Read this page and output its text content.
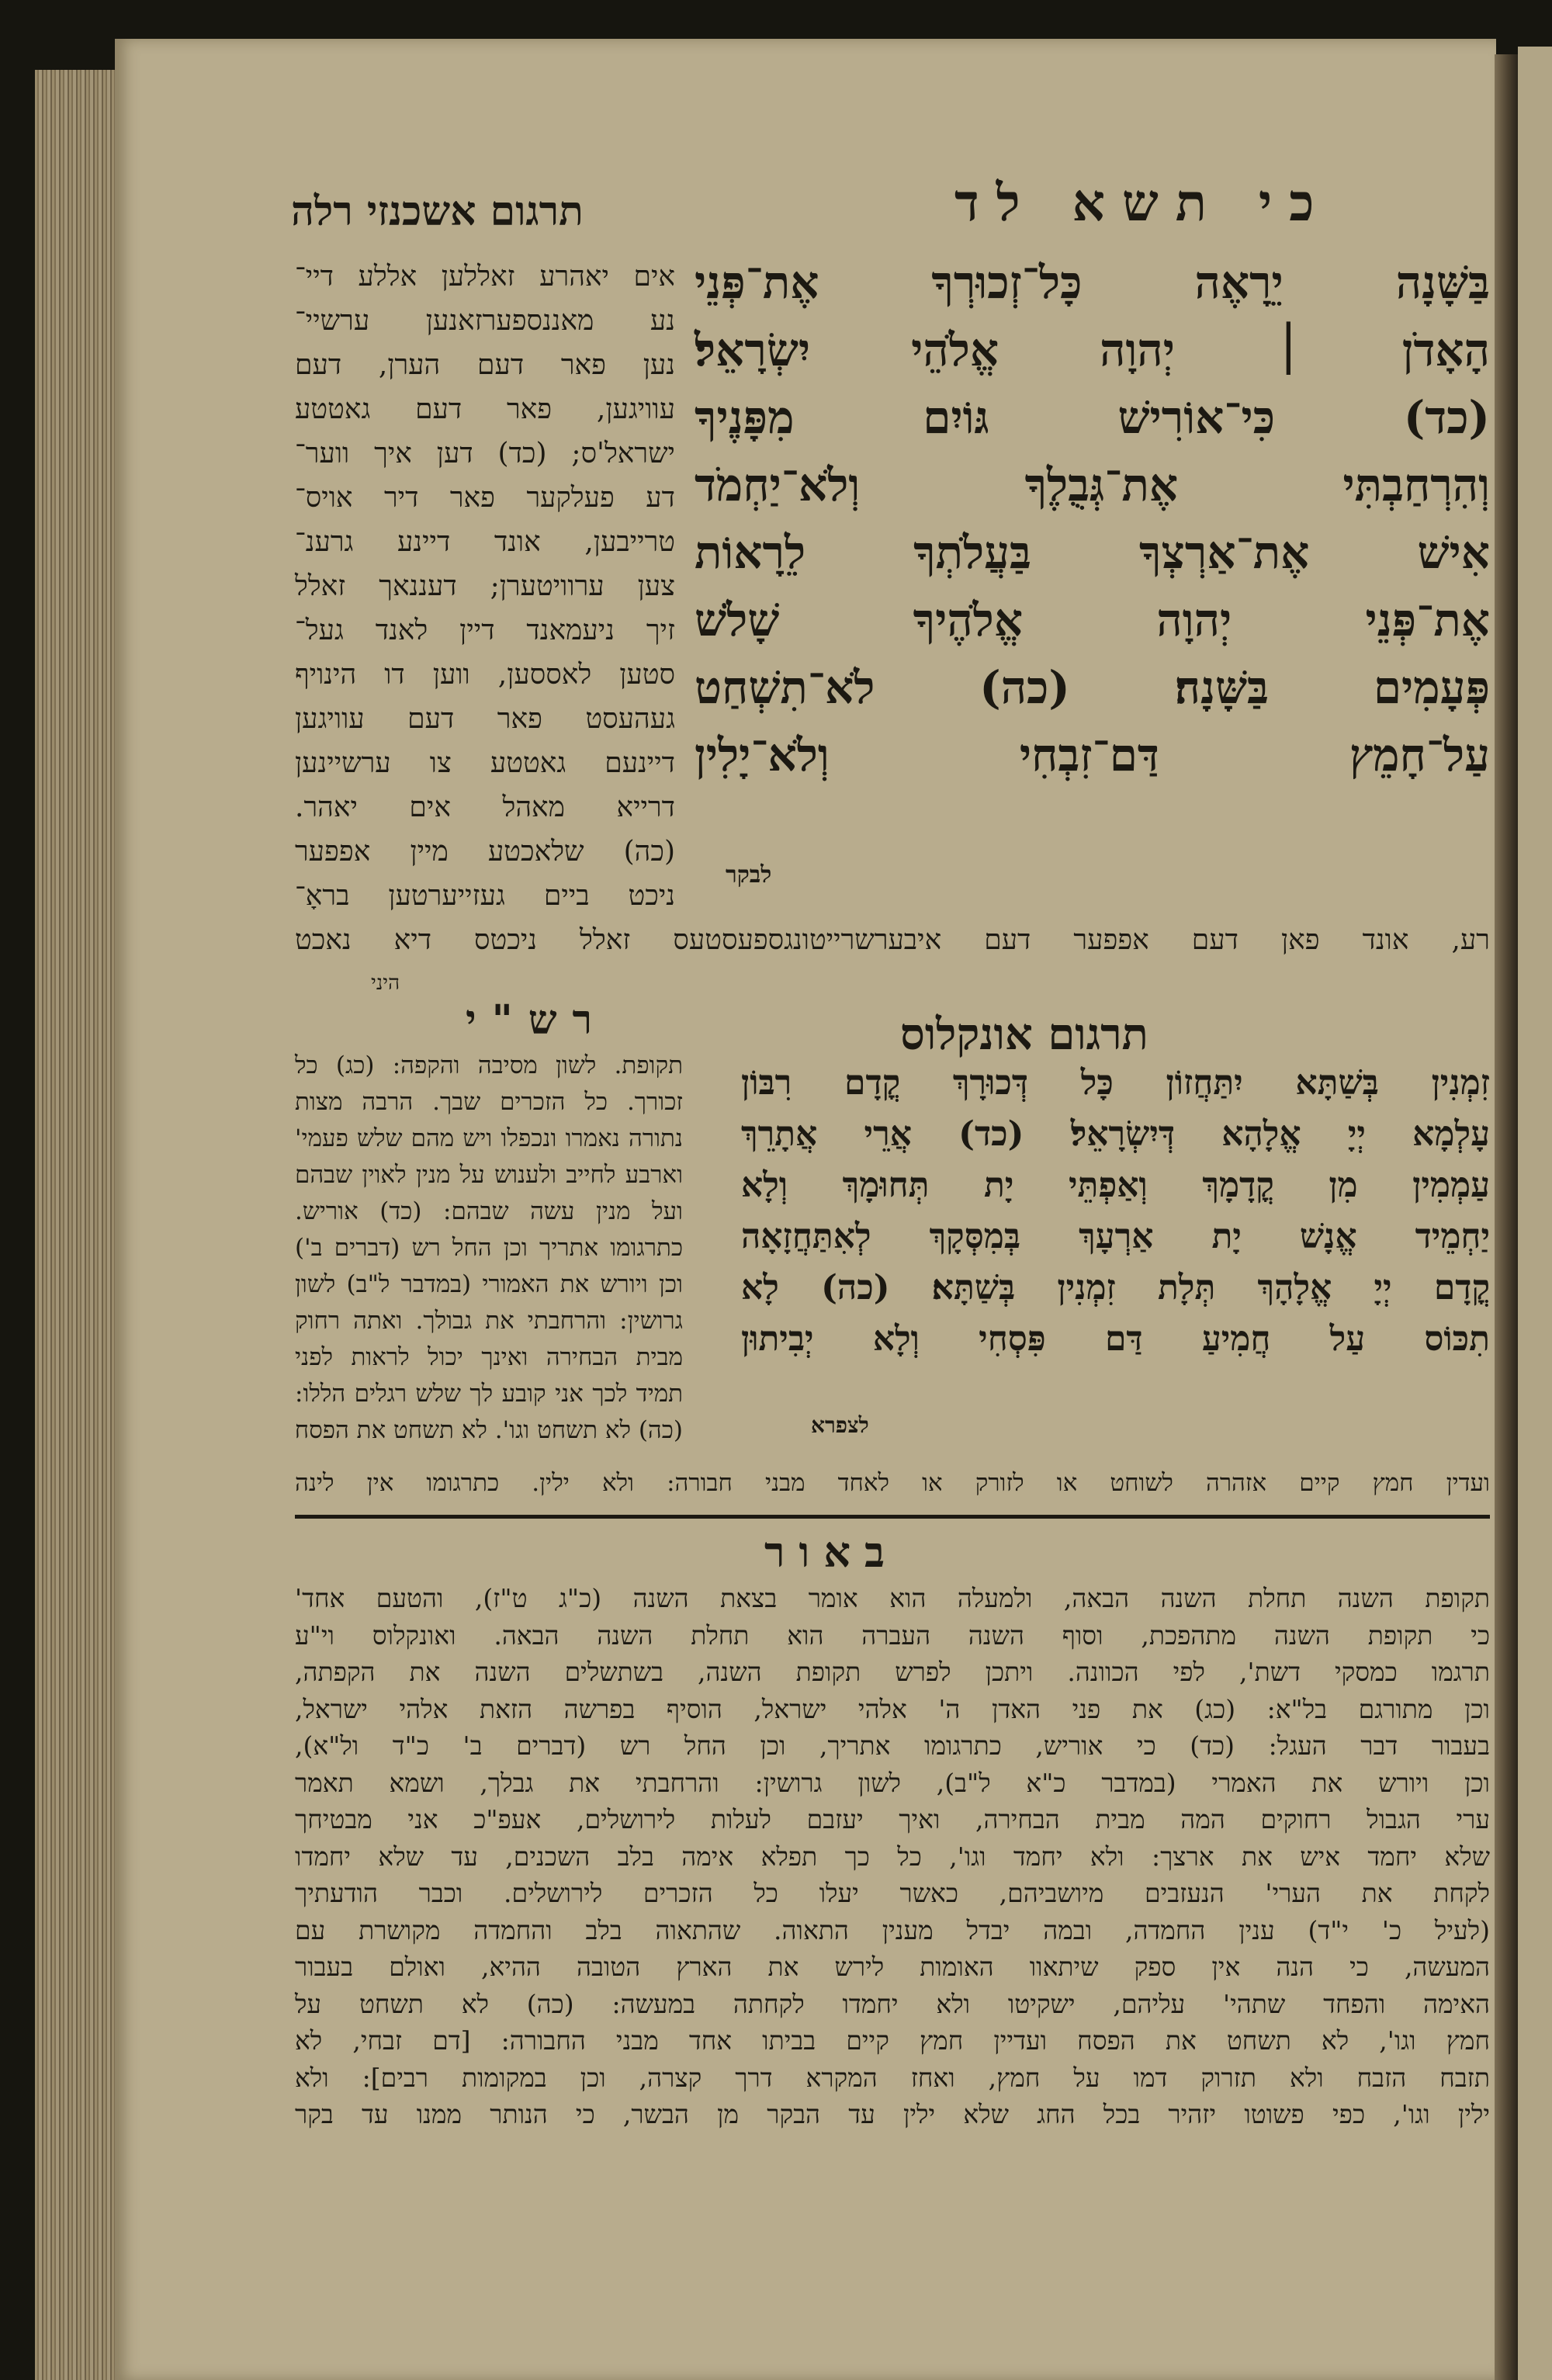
כי תשא לד
תרגום אשכנזי רלה
בַּשָּׁנָה יֵרָאֶה כָּל־זְכוּרְךָ אֶת־פְּנֵי
הָאָדֹן ׀ יְהוָה אֱלֹהֵי יִשְׂרָאֵל׃
(כד) כִּי־אוֹרִישׁ גּוֹיִם מִפָּנֶיךָ
וְהִרְחַבְתִּי אֶת־גְּבֻלֶךָ וְלֹא־יַחְמֹד
אִישׁ אֶת־אַרְצְךָ בַּעֲלֹתְךָ לֵרָאוֹת
אֶת־פְּנֵי יְהוָה אֱלֹהֶיךָ שָׁלֹשׁ
פְּעָמִים בַּשָּׁנָה׃ (כה) לֹא־תִשְׁחַט
עַל־חָמֵץ דַּם־זִבְחִי וְלֹא־יָלִין
לבקר
אים יאהרע זאללען אללע דיי־
נע מאננספערזאנען ערשיי־
נען פאר דעם הערן, דעם
עוויגען, פאר דעם גאטטע
ישראל'ס; (כד) דען איך ווער־
דע פעלקער פאר דיר אויס־
טרייבען, אונד דיינע גרענ־
צען ערוויטערן; דעננאך זאלל
זיך ניעמאנד דיין לאנד געל־
סטען לאססען, ווען דו הינויף
געהעסט פאר דעם עוויגען
דיינעם גאטטע צו ערשיינען
דרייא מאהל אים יאהר.
(כה) שלאכטע מיין אפפער
ניכט ביים געזייערטען בראָ־
רע, אונד פאן דעם אפפער דעם איבערשרייטונגספעסטעס זאלל ניכטס דיא נאכט
היני
רש"י	תרגום אונקלוס
תקופת. לשון מסיבה והקפה: (כג) כל
זכורך. כל הזכרים שבך. הרבה מצות
נתורה נאמרו ונכפלו ויש מהם שלש פעמי'
וארבע לחייב ולענוש על מנין לאוין שבהם
ועל מנין עשה שבהם: (כד) אוריש.
כתרגומו אתריך וכן החל רש (דברים ב')
וכן ויורש את האמורי (במדבר ל"ב) לשון
גרושין: והרחבתי את גבולך. ואתה רחוק
מבית הבחירה ואינך יכול לראות לפני
תמיד לכך אני קובע לך שלש רגלים הללו:
(כה) לא תשחט וגו'. לא תשחט את הפסח
זִמְנִין בְּשַׁתָּא יִתַּחֲזוֹן כָּל דְּכוּרָךְ קֳדָם רִבּוֹן
עָלְמָא יְיָ אֱלָהָא דְּיִשְׂרָאֵל׃ (כד) אֲרֵי אֲתָרֵךְ
עַמְמִין מִן קֳדָמָךְ וְאַפְתֵּי יָת תְּחוּמָךְ וְלָא
יַחְמֵיד אֱנָשׁ יָת אַרְעָךְ בְּמִסְּקָךְ לְאִתַּחֲזָאָה
קֳדָם יְיָ אֱלָהָךְ תְּלָת זִמְנִין בְּשַׁתָּא׃ (כה) לָא
תִכּוֹס עַל חֲמִיעַ דַּם פִּסְחִי וְלָא יְבִיתוּן
לצפרא
ועדין חמץ קיים אזהרה לשוחט או לזורק או לאחד מבני חבורה: ולא ילין. כתרגומו אין לינה
באור
תקופת השנה תחלת השנה הבאה, ולמעלה הוא אומר בצאת השנה (כ"ג ט"ז), והטעם אחד'
כי תקופת השנה מתהפכת, וסוף השנה העברה הוא תחלת השנה הבאה. ואונקלוס וי"ע
תרגמו כמסקי דשת', לפי הכוונה. ויתכן לפרש תקופת השנה, בשתשלים השנה את הקפתה,
וכן מתורגם בל"א: (כג) את פני האדן ה' אלהי ישראל, הוסיף בפרשה הזאת אלהי ישראל,
בעבור דבר העגל: (כד) כי אוריש, כתרגומו אתריך, וכן החל רש (דברים ב' כ"ד ול"א),
וכן ויורש את האמרי (במדבר כ"א ל"ב), לשון גרושין: והרחבתי את גבלך, ושמא תאמר
ערי הגבול רחוקים המה מבית הבחירה, ואיך יעזבם לעלות לירושלים, אעפ"כ אני מבטיחך
שלא יחמד איש את ארצך: ולא יחמד וגו', כל כך תפלא אימה בלב השכנים, עד שלא יחמדו
לקחת את הערי' הנעזבים מיושביהם, כאשר יעלו כל הזכרים לירושלים. וכבר הודעתיך
(לעיל כ' י"ד) ענין החמדה, ובמה יבדל מענין התאוה. שהתאוה בלב והחמדה מקושרת עם
המעשה, כי הנה אין ספק שיתאוו האומות לירש את הארץ הטובה ההיא, ואולם בעבור
האימה והפחד שתהי' עליהם, ישקיטו ולא יחמדו לקחתה במעשה: (כה) לא תשחט על
חמץ וגו', לא תשחט את הפסח ועדיין חמץ קיים בביתו אחד מבני החבורה: [דם זבחי, לא
תזבח הזבח ולא תזרוק דמו על חמץ, ואחז המקרא דרך קצרה, וכן במקומות רבים]: ולא
ילין וגו', כפי פשוטו יזהיר בכל החג שלא ילין עד הבקר מן הבשר, כי הנותר ממנו עד בקר
